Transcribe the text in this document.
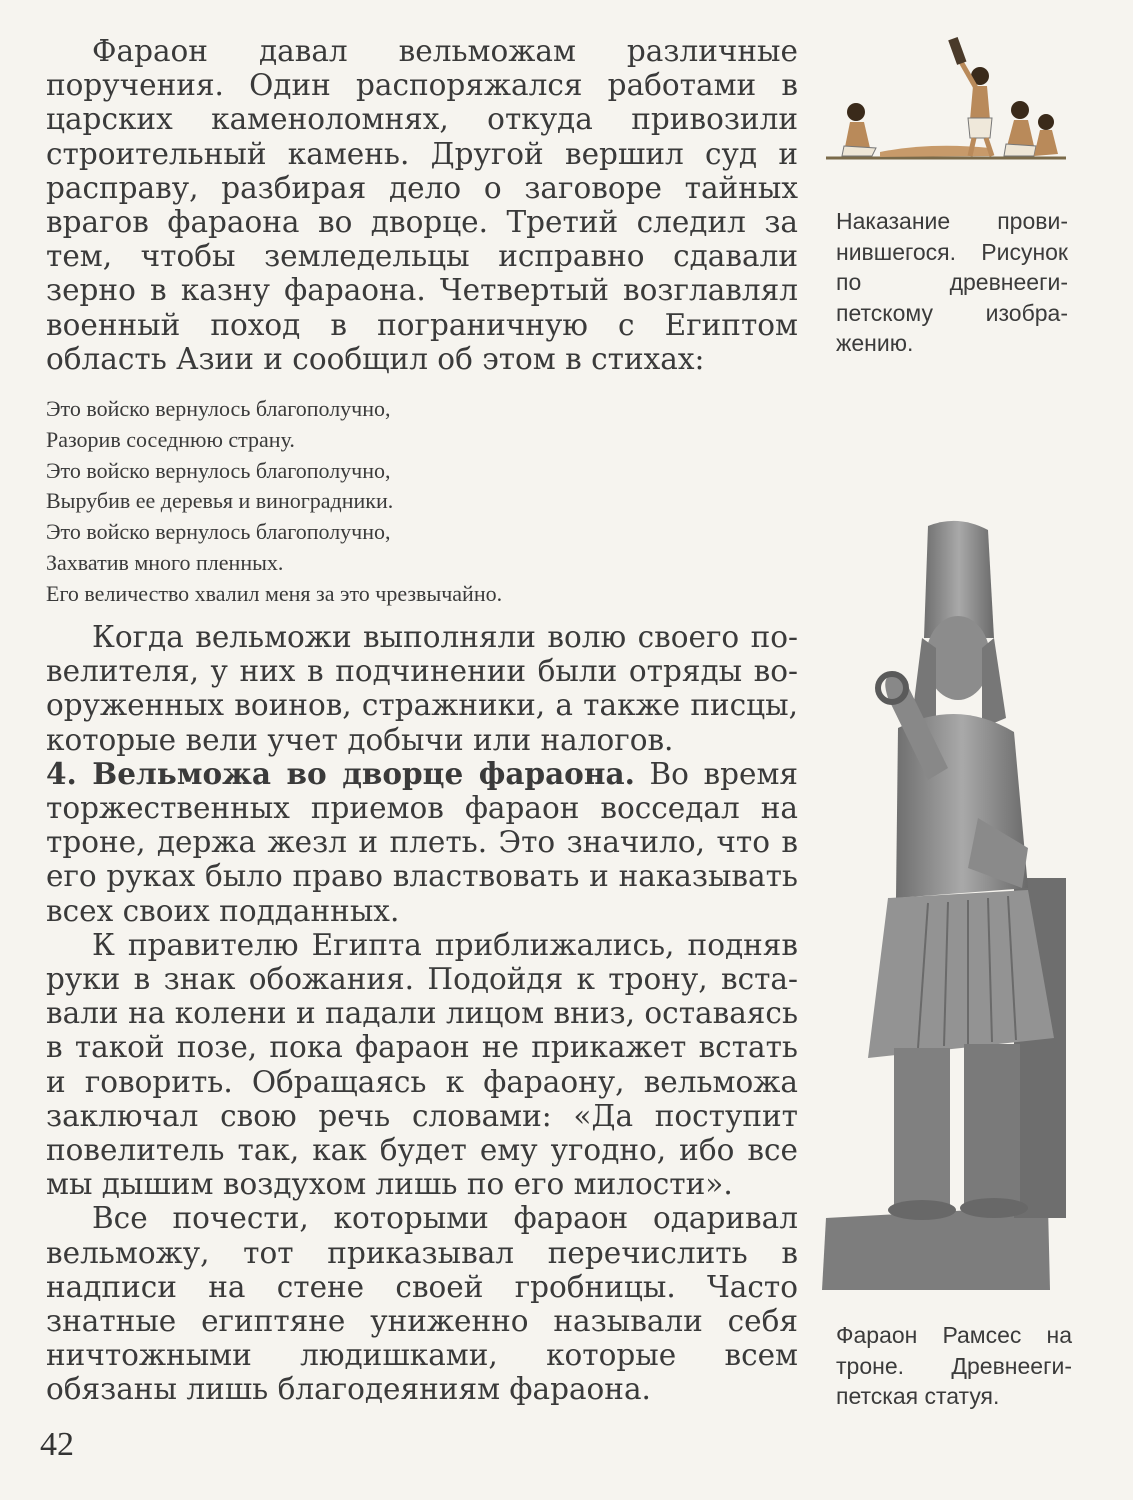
Фараон давал вельможам различные поручения. Один распоряжался работами в царских каменoломнях, откуда привозили строительный камень. Другой вершил суд и расправу, разбирая дело о заговоре тайных врагов фараона во дворце. Третий следил за тем, чтобы земледельцы исправно сдавали зерно в казну фараона. Четвертый возглавлял военный поход в пограничную с Египтом область Азии и сообщил об этом в стихах:

Это войско вернулось благополучно,
Разорив соседнюю страну.
Это войско вернулось благополучно,
Вырубив ее деревья и виноградники.
Это войско вернулось благополучно,
Захватив много пленных.
Его величество хвалил меня за это чрезвычайно.

Когда вельможи выполняли волю своего повелителя, у них в подчинении были отряды вооруженных воинов, стражники, а также писцы, которые вели учет добычи или налогов.

4. Вельможа во дворце фараона. Во время торжественных приемов фараон восседал на троне, держа жезл и плеть. Это значило, что в его руках было право властвовать и наказывать всех своих подданных.

К правителю Египта приближались, подняв руки в знак обожания. Подойдя к трону, вставали на колени и падали лицом вниз, оставаясь в такой позе, пока фараон не прикажет встать и говорить. Обращаясь к фараону, вельможа заключал свою речь словами: «Да поступит повелитель так, как будет ему угодно, ибо все мы дышим воздухом лишь по его милости».

Все почести, которыми фараон одаривал вельможу, тот приказывал перечислить в надписи на стене своей гробницы. Часто знатные египтяне униженно называли себя ничтожными людишками, которые всем обязаны лишь благодеяниям фараона.

Наказание провинившегося. Рисунок по древнеегипетскому изображению.

Фараон Рамсес на троне. Древнеегипетская статуя.

42
